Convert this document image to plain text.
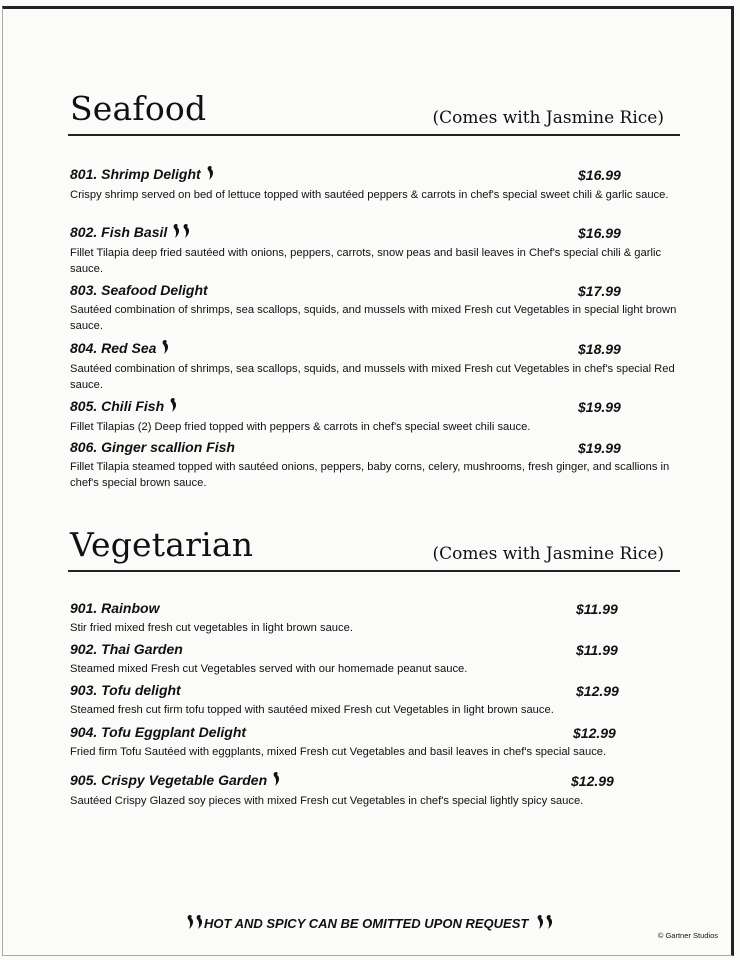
Seafood	(Comes with Jasmine Rice)
801. Shrimp Delight	$16.99
Crispy shrimp served on bed of lettuce topped with sautéed peppers & carrots in chef's special sweet chili & garlic sauce.
802. Fish Basil	$16.99
Fillet Tilapia deep fried sautéed with onions, peppers, carrots, snow peas and basil leaves in Chef's special chili & garlic sauce.
803. Seafood Delight	$17.99
Sautéed combination of shrimps, sea scallops, squids, and mussels with mixed Fresh cut Vegetables in special light brown sauce.
804. Red Sea	$18.99
Sautéed combination of shrimps, sea scallops, squids, and mussels with mixed Fresh cut Vegetables in chef's special Red sauce.
805. Chili Fish	$19.99
Fillet Tilapias (2) Deep fried topped with peppers & carrots in chef's special sweet chili sauce.
806. Ginger scallion Fish	$19.99
Fillet Tilapia steamed topped with sautéed onions, peppers, baby corns, celery, mushrooms, fresh ginger, and scallions in chef's special brown sauce.
Vegetarian	(Comes with Jasmine Rice)
901. Rainbow	$11.99
Stir fried mixed fresh cut vegetables in light brown sauce.
902. Thai Garden	$11.99
Steamed mixed Fresh cut Vegetables served with our homemade peanut sauce.
903. Tofu delight	$12.99
Steamed fresh cut firm tofu topped with sautéed mixed Fresh cut Vegetables in light brown sauce.
904. Tofu Eggplant Delight	$12.99
Fried firm Tofu Sautéed with eggplants, mixed Fresh cut Vegetables and basil leaves in chef's special sauce.
905. Crispy Vegetable Garden	$12.99
Sautéed Crispy Glazed soy pieces with mixed Fresh cut Vegetables in chef's special lightly spicy sauce.
HOT AND SPICY CAN BE OMITTED UPON REQUEST
© Gartner Studios
